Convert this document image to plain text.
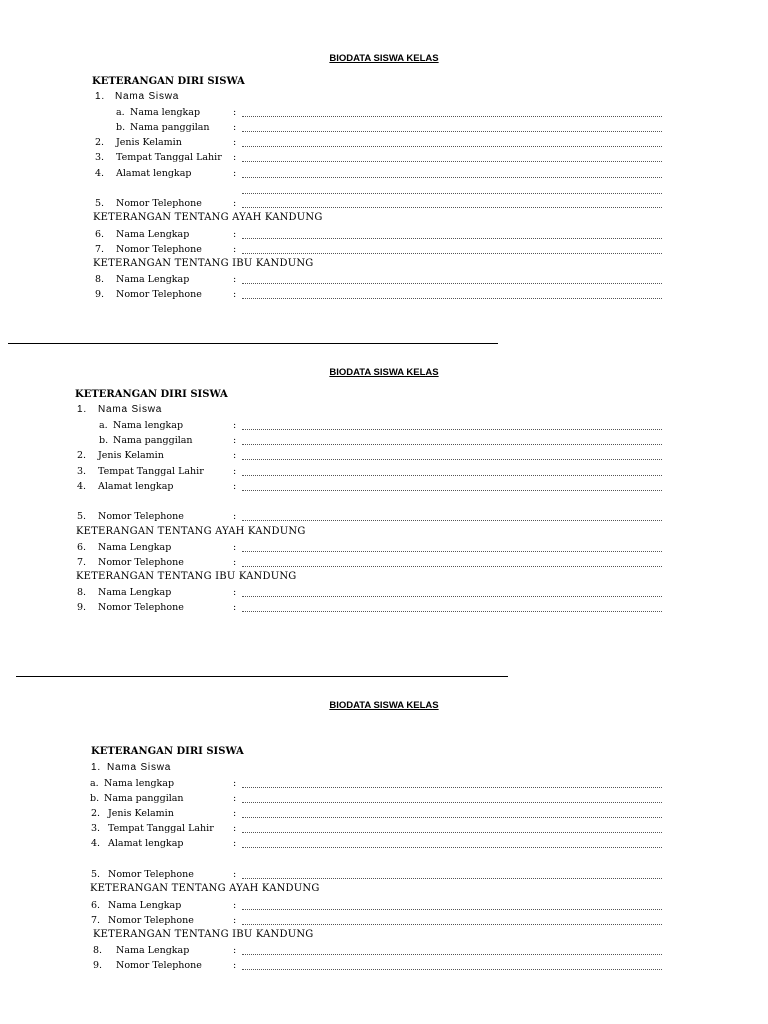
BIODATA SISWA KELAS
KETERANGAN DIRI SISWA
1. Nama Siswa
a. Nama lengkap
b. Nama panggilan
2. Jenis Kelamin
3. Tempat Tanggal Lahir
4. Alamat lengkap
5. Nomor Telephone
KETERANGAN TENTANG AYAH KANDUNG
6. Nama Lengkap
7. Nomor Telephone
KETERANGAN TENTANG IBU KANDUNG
8. Nama Lengkap
9. Nomor Telephone
:
:
:
:
:
:
:
:
:
:
BIODATA SISWA KELAS
KETERANGAN DIRI SISWA
1. Nama Siswa
a. Nama lengkap
b. Nama panggilan
2. Jenis Kelamin
3. Tempat Tanggal Lahir
4. Alamat lengkap
5. Nomor Telephone
KETERANGAN TENTANG AYAH KANDUNG
6. Nama Lengkap
7. Nomor Telephone
KETERANGAN TENTANG IBU KANDUNG
8. Nama Lengkap
9. Nomor Telephone
:
:
:
:
:
:
:
:
:
:
BIODATA SISWA KELAS
KETERANGAN DIRI SISWA
1. Nama Siswa
a. Nama lengkap
b. Nama panggilan
2. Jenis Kelamin
3. Tempat Tanggal Lahir
4. Alamat lengkap
5. Nomor Telephone
KETERANGAN TENTANG AYAH KANDUNG
6. Nama Lengkap
7. Nomor Telephone
KETERANGAN TENTANG IBU KANDUNG
8. Nama Lengkap
9. Nomor Telephone
:
:
:
:
:
:
:
:
:
:
